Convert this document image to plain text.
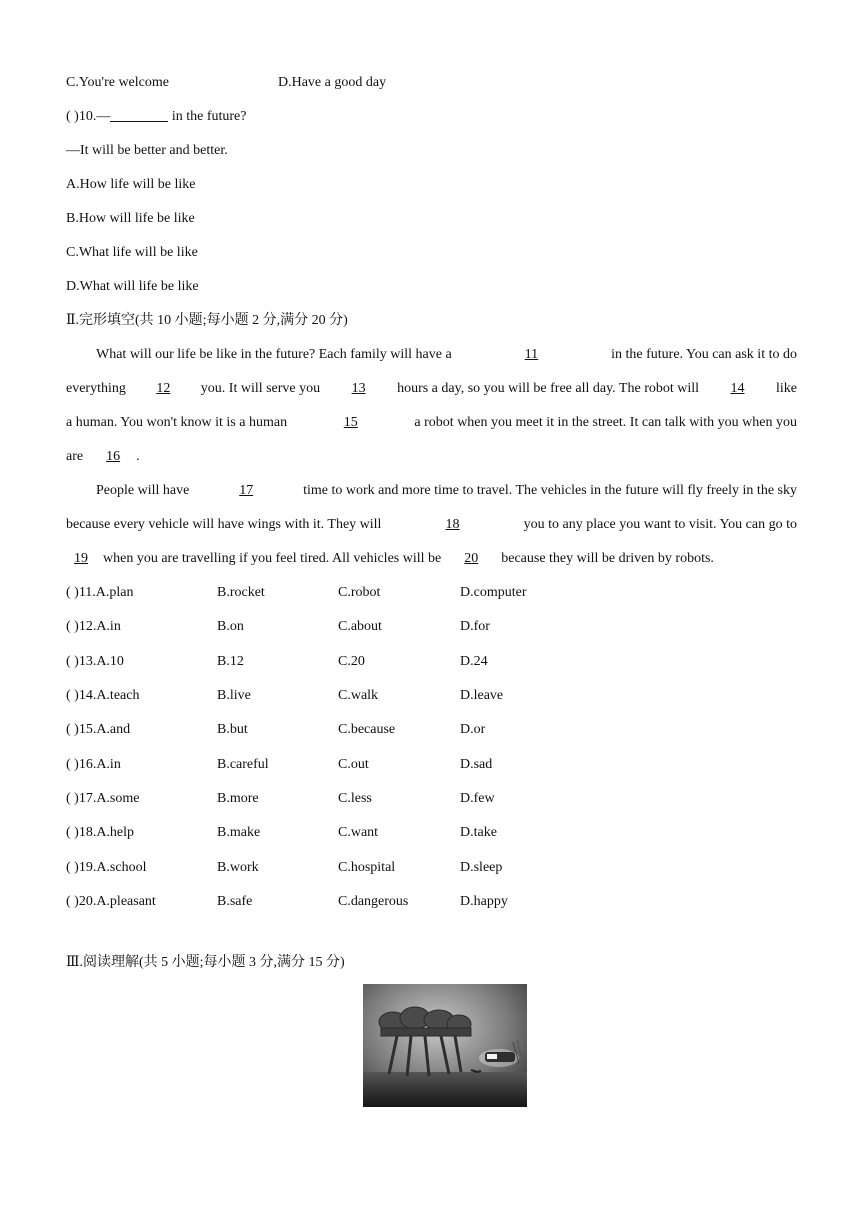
C.You're welcome	D.Have a good day
( )10.—	in the future?
—It will be better and better.
A.How life will be like
B.How will life be like
C.What life will be like
D.What will life be like
Ⅱ.完形填空(共 10 小题;每小题 2 分,满分 20 分)
What will our life be like in the future? Each family will have a	11	in the future. You can ask it to do
everything	12	you. It will serve you	13	hours a day, so you will be free all day. The robot will	14	like
a human. You won't know it is a human	15	a robot when you meet it in the street. It can talk with you when you
are 16 .
People will have	17	time to work and more time to travel. The vehicles in the future will fly freely in the sky
because every vehicle will have wings with it. They will	18	you to any place you want to visit. You can go to
19 when you are travelling if you feel tired. All vehicles will be 20 because they will be driven by robots.
( )11.A.plan	B.rocket	C.robot	D.computer
( )12.A.in	B.on	C.about	D.for
( )13.A.10	B.12	C.20	D.24
( )14.A.teach	B.live	C.walk	D.leave
( )15.A.and	B.but	C.because	D.or
( )16.A.in	B.careful	C.out	D.sad
( )17.A.some	B.more	C.less	D.few
( )18.A.help	B.make	C.want	D.take
( )19.A.school	B.work	C.hospital	D.sleep
( )20.A.pleasant	B.safe	C.dangerous	D.happy
Ⅲ.阅读理解(共 5 小题;每小题 3 分,满分 15 分)
